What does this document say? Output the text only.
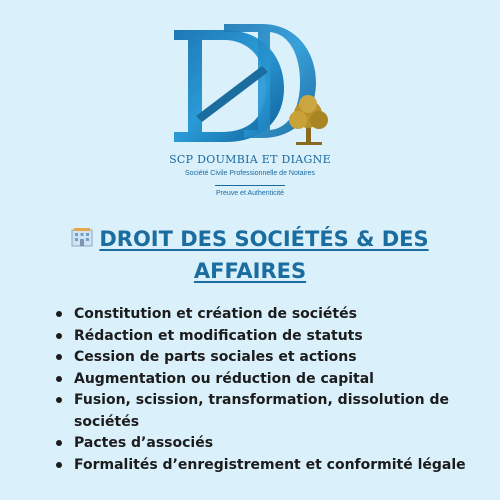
SCP DOUMBIA ET DIAGNE
Société Civile Professionnelle de Notaires
Preuve et Authenticité
DROIT DES SOCIÉTÉS & DES
AFFAIRES
Constitution et création de sociétés
Rédaction et modification de statuts
Cession de parts sociales et actions
Augmentation ou réduction de capital
Fusion, scission, transformation, dissolution de sociétés
Pactes d’associés
Formalités d’enregistrement et conformité légale
